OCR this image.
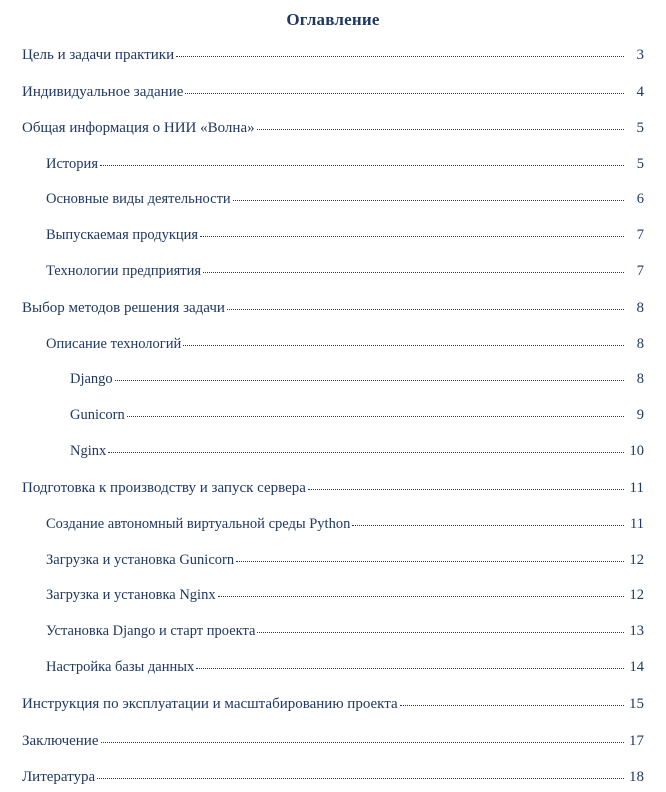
Оглавление
Цель и задачи практики	3
Индивидуальное задание	4
Общая информация о НИИ «Волна»	5
История	5
Основные виды деятельности	6
Выпускаемая продукция	7
Технологии предприятия	7
Выбор методов решения задачи	8
Описание технологий	8
Django	8
Gunicorn	9
Nginx	10
Подготовка к производству и запуск сервера	11
Создание автономный виртуальной среды Python	11
Загрузка и установка Gunicorn	12
Загрузка и установка Nginx	12
Установка Django и старт проекта	13
Настройка базы данных	14
Инструкция по эксплуатации и масштабированию проекта	15
Заключение	17
Литература	18
